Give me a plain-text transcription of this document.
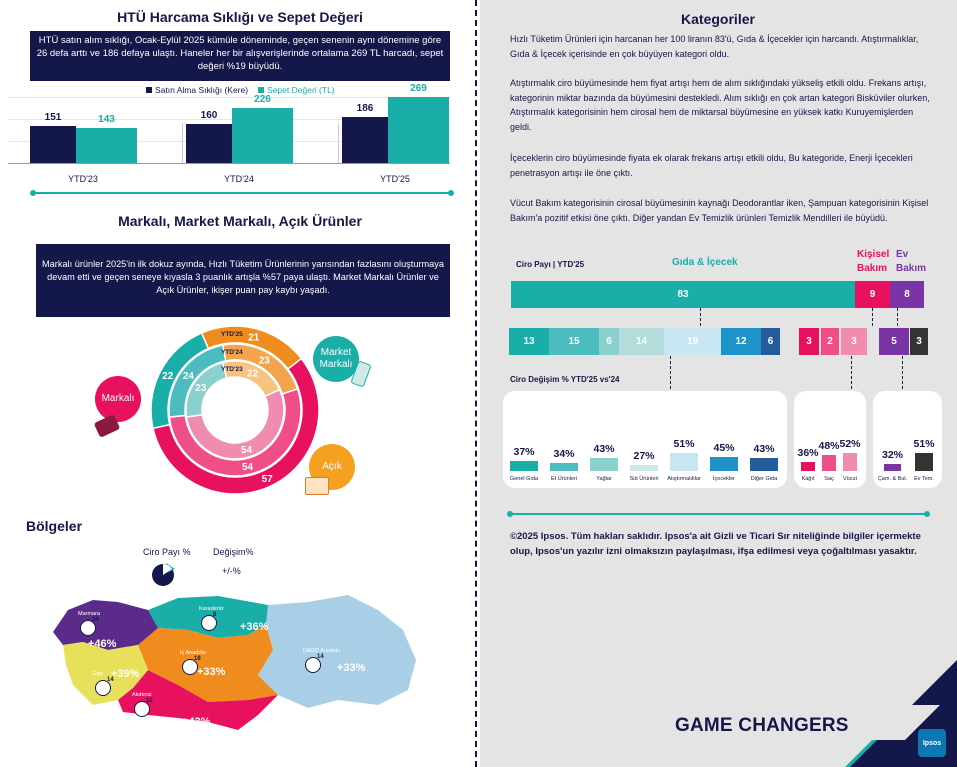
HTÜ Harcama Sıklığı ve Sepet Değeri
HTÜ satın alım sıklığı, Ocak-Eylül 2025 kümüle döneminde, geçen senenin aynı dönemine göre 26 defa arttı ve 186 defaya ulaştı. Haneler her bir alışverişlerinde ortalama 269 TL harcadı, sepet değeri %19 büyüdü.
Satın Alma Sıklığı (Kere)	Sepet Değeri (TL)
151	143
YTD'23
160
226
YTD'24
186
269
YTD'25
Markalı, Market Markalı, Açık Ürünler
Markalı ürünler 2025'in ilk dokuz ayında, Hızlı Tüketim Ürünlerinin yarısından fazlasını oluşturmaya devam etti ve geçen seneye kıyasla 3 puanlık artışla %57 paya ulaştı. Market Markalı Ürünler ve Açık Ürünler, ikişer puan pay kaybı yaşadı.
57
22
21
YTD'25
54
24
23
YTD'24
54
23
22
YTD'23
Markalı
Market
Markalı
Açık
Bölgeler
Ciro Payı % Değişim%
+/-%
Marmara
34
+46%
Karadeniz
8
+36%
Ege
14
+39%
İç Anadolu
18
+33%
Akdeniz
12
+43%
D&GD Anadolu
14
+33%
Kategoriler
Hızlı Tüketim Ürünleri için harcanan her 100 liranın 83'ü, Gıda & İçecekler için harcandı. Atıştırmalıklar, Gıda & İçecek içerisinde en çok büyüyen kategori oldu.
Atıştırmalık ciro büyümesinde hem fiyat artışı hem de alım sıklığındaki yükseliş etkili oldu. Frekans artışı, kategorinin miktar bazında da büyümesini destekledi. Alım sıklığı en çok artan kategori Bisküviler olurken, Atıştırmalık kategorisinin hem cirosal hem de miktarsal büyümesine en yüksek katkı Kuruyemişlerden geldi.
İçeceklerin ciro büyümesinde fiyata ek olarak frekans artışı etkili oldu, Bu kategoride, Enerji İçecekleri penetrasyon artışı ile öne çıktı.
Vücut Bakım kategorisinin cirosal büyümesinin kaynağı Deodorantlar iken, Şampuan kategorisinin Kişisel Bakım'a pozitif etkisi öne çıktı. Diğer yandan Ev Temizlik ürünleri Temizlik Mendilleri ile büyüdü.
Ciro Payı | YTD'25	Gıda & İçecek
Kişisel
Bakım
Ev
Bakım
83	9	8
13	15	6	14	19	12	6	3	2	3	5	3
Ciro Değişim % YTD'25 vs'24
37%
Genel Gıda
34%
Et Ürünleri
43%
Yağlar
27%
Süt Ürünleri
51%
Atıştırmalıklar
45%
İçecekler
43%
Diğer Gıda
36%
Kağıt
48%
Saç
52%
Vücut
32%
Çam. & Bul.
51%
Ev Tem.
©2025 Ipsos. Tüm hakları saklıdır. Ipsos'a ait Gizli ve Ticari Sır niteliğinde bilgiler içermekte olup, Ipsos'un yazılır izni olmaksızın paylaşılması, ifşa edilmesi veya çoğaltılması yasaktır.
GAME CHANGERS
Ipsos
